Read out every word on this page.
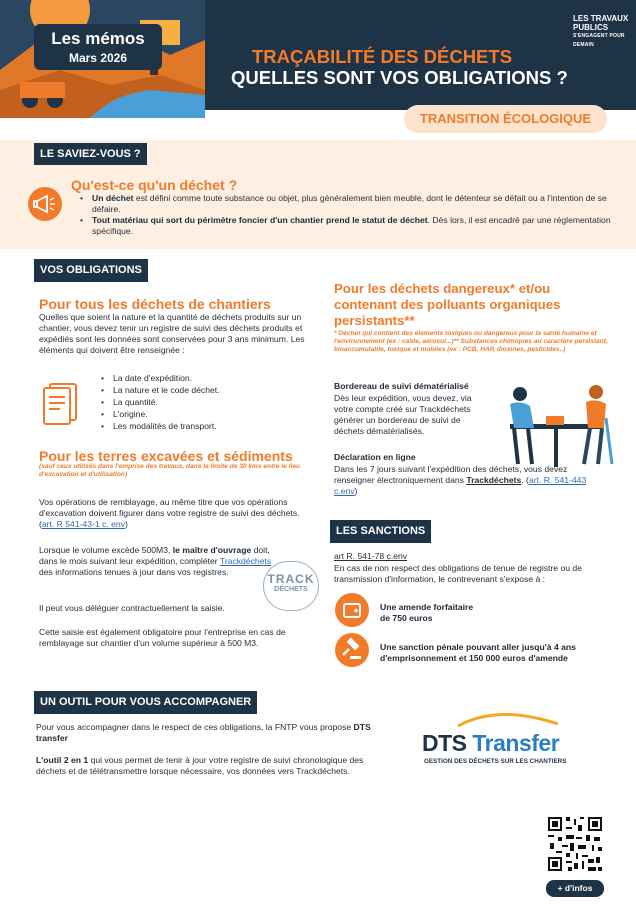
Les mémos
Mars 2026	TRAÇABILITÉ DES DÉCHETS
QUELLES SONT VOS OBLIGATIONS ?
LES TRAVAUX
PUBLICS
S'ENGAGENT POUR DEMAIN
TRANSITION ÉCOLOGIQUE
LE SAVIEZ-VOUS ?
Qu'est-ce qu'un déchet ?
• Un déchet est défini comme toute substance ou objet, plus généralement bien meuble, dont le détenteur se défait ou a l'intention de se défaire.
• Tout matériau qui sort du périmètre foncier d'un chantier prend le statut de déchet. Dès lors, il est encadré par une réglementation spécifique.
VOS OBLIGATIONS
Pour tous les déchets de chantiers
Quelles que soient la nature et la quantité de déchets produits sur un chantier, vous devez tenir un registre de suivi des déchets produits et expédiés sont les données sont conservées pour 3 ans minimum. Les éléments qui doivent être renseignée :
• La date d'expédition.
• La nature et le code déchet.
• La quantité.
• L'origine.
• Les modalités de transport.
Pour les terres excavées et sédiments
(sauf ceux utilisés dans l'emprise des travaux, dans la limite de 30 kms entre le lieu d'excavation et d'utilisation)
Vos opérations de remblayage, au même titre que vos opérations d'excavation doivent figurer dans votre registre de suivi des déchets. (art. R 541-43-1 c. env)
Lorsque le volume excède 500M3, le maître d'ouvrage doit, dans le mois suivant leur expédition, compléter Trackdéchets des informations tenues à jour dans vos registres.	TRACK
DÉCHETS
Il peut vous déléguer contractuellement la saisie.
Cette saisie est également obligatoire pour l'entreprise en cas de remblayage sur chantier d'un volume supérieur à 500 M3.
Pour les déchets dangereux* et/ou contenant des polluants organiques persistants**
* Déchet qui contient des éléments toxiques ou dangereux pour la santé humaine et l'environnement (ex : cable, aérosol...)** Substances chimiques au caractère persistant, bioaccumulable, toxique et mobiles (ex : PCB, HAP, dioxines, pesticides..)
Bordereau de suivi dématérialisé
Dès leur expédition, vous devez, via votre compte créé sur Trackdéchets générer un bordereau de suivi de déchets dématérialisés.
Déclaration en ligne
Dans les 7 jours suivant l'expédition des déchets, vous devez renseigner électroniquement dans Trackdéchets. (art. R. 541-443 c.env)
LES SANCTIONS
art R. 541-78 c.env
En cas de non respect des obligations de tenue de registre ou de transmission d'information, le contrevenant s'expose à :
Une amende forfaitaire
de 750 euros
Une sanction pénale pouvant aller jusqu'à 4 ans d'emprisonnement et 150 000 euros d'amende
UN OUTIL POUR VOUS ACCOMPAGNER
Pour vous accompagner dans le respect de ces obligations, la FNTP vous propose DTS transfer
L'outil 2 en 1 qui vous permet de tenir à jour votre registre de suivi chronologique des déchets et de télétransmettre lorsque nécessaire, vos données vers Trackdéchets.
DTS Transfer
GESTION DES DÉCHETS SUR LES CHANTIERS
+ d'infos
